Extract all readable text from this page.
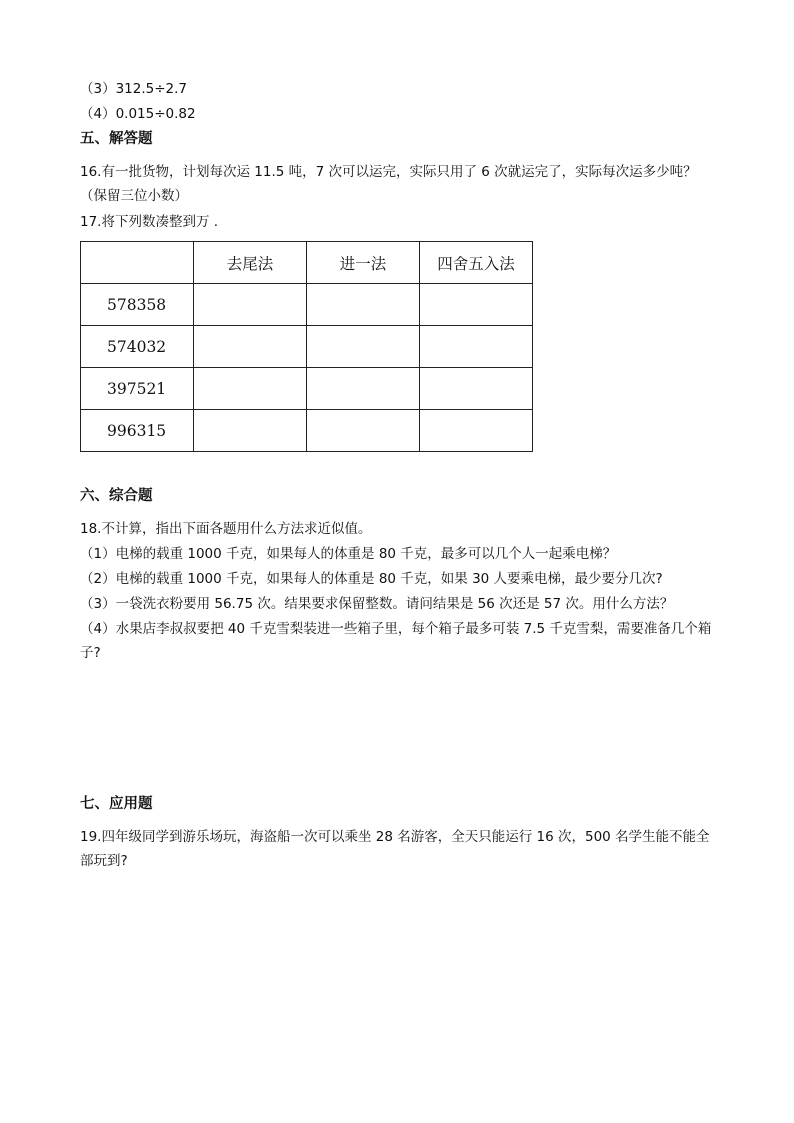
（3）312.5÷2.7
（4）0.015÷0.82
五、解答题
16.有一批货物，计划每次运 11.5 吨，7 次可以运完，实际只用了 6 次就运完了，实际每次运多少吨？（保留三位小数）
17.将下列数凑整到万 .
	去尾法	进一法	四舍五入法
578358			
574032			
397521			
996315			
六、综合题
18.不计算，指出下面各题用什么方法求近似值。
（1）电梯的载重 1000 千克，如果每人的体重是 80 千克，最多可以几个人一起乘电梯？
（2）电梯的载重 1000 千克，如果每人的体重是 80 千克，如果 30 人要乘电梯，最少要分几次?
（3）一袋洗衣粉要用 56.75 次。结果要求保留整数。请问结果是 56 次还是 57 次。用什么方法？
（4）水果店李叔叔要把 40 千克雪梨装进一些箱子里，每个箱子最多可装 7.5 千克雪梨，需要准备几个箱子?
七、应用题
19.四年级同学到游乐场玩，海盗船一次可以乘坐 28 名游客，全天只能运行 16 次，500 名学生能不能全部玩到?
